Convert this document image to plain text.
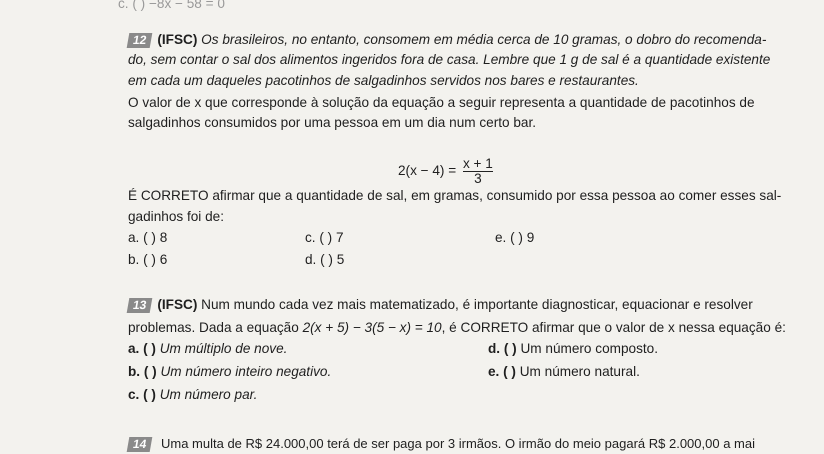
c. ( ) −8x − 58 = 0
12 (IFSC) Os brasileiros, no entanto, consomem em média cerca de 10 gramas, o dobro do recomenda-
do, sem contar o sal dos alimentos ingeridos fora de casa. Lembre que 1 g de sal é a quantidade existente
em cada um daqueles pacotinhos de salgadinhos servidos nos bares e restaurantes.
O valor de x que corresponde à solução da equação a seguir representa a quantidade de pacotinhos de
salgadinhos consumidos por uma pessoa em um dia num certo bar.
$2(x - 4) = \frac{x + 1}{3}$
É CORRETO afirmar que a quantidade de sal, em gramas, consumido por essa pessoa ao comer esses sal-
gadinhos foi de:
a. ( ) 8
b. ( ) 6
c. ( ) 7
d. ( ) 5
e. ( ) 9
13 (IFSC) Num mundo cada vez mais matematizado, é importante diagnosticar, equacionar e resolver
problemas. Dada a equação 2(x + 5) − 3(5 − x) = 10, é CORRETO afirmar que o valor de x nessa equação é:
a. ( ) Um múltiplo de nove.
b. ( ) Um número inteiro negativo.
c. ( ) Um número par.
d. ( ) Um número composto.
e. ( ) Um número natural.
14 Uma multa de R$ 24.000,00 terá de ser paga por 3 irmãos. O irmão do meio pagará R$ 2.000,00 a mai
